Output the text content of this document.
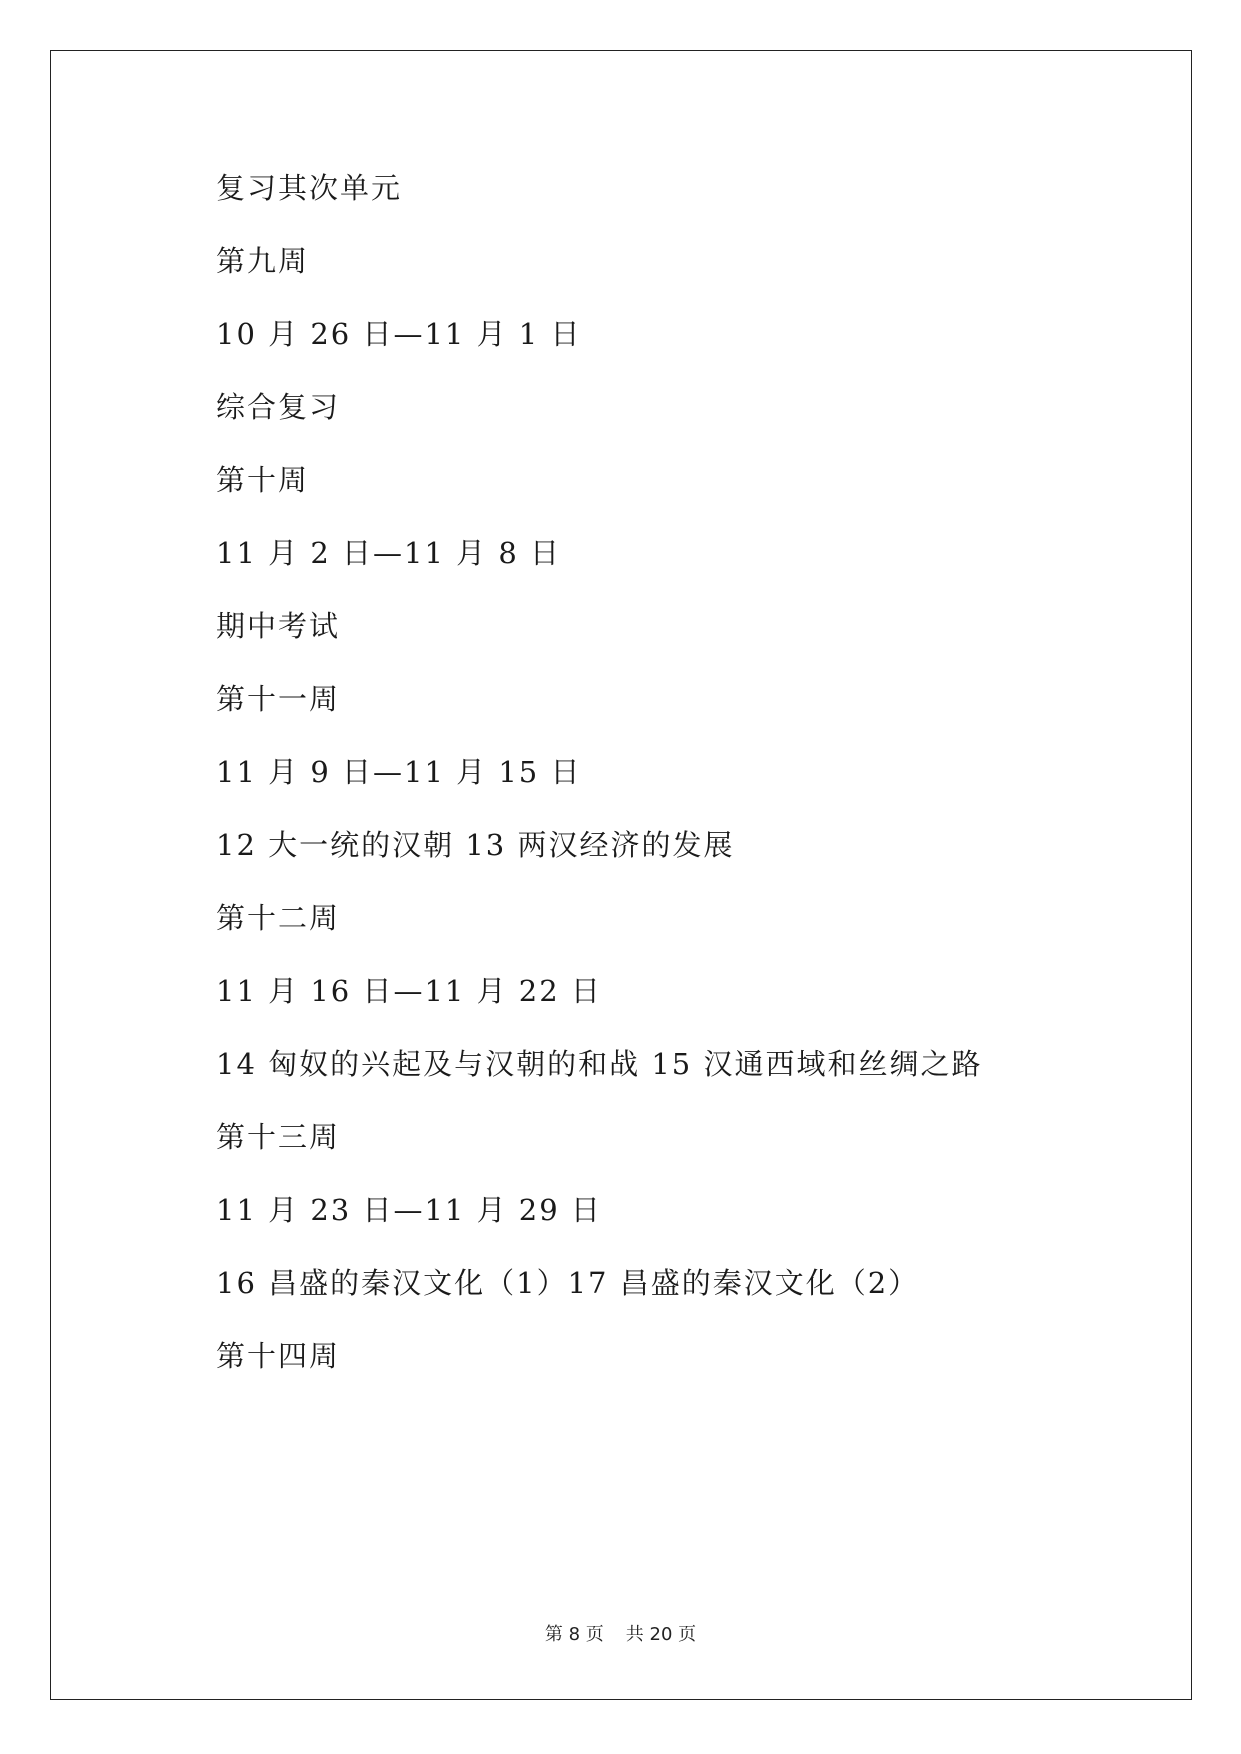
复习其次单元
第九周
10 月 26 日—11 月 1 日
综合复习
第十周
11 月 2 日—11 月 8 日
期中考试
第十一周
11 月 9 日—11 月 15 日
12 大一统的汉朝 13 两汉经济的发展
第十二周
11 月 16 日—11 月 22 日
14 匈奴的兴起及与汉朝的和战 15 汉通西域和丝绸之路
第十三周
11 月 23 日—11 月 29 日
16 昌盛的秦汉文化（1）17 昌盛的秦汉文化（2）
第十四周
第 8 页 共 20 页
